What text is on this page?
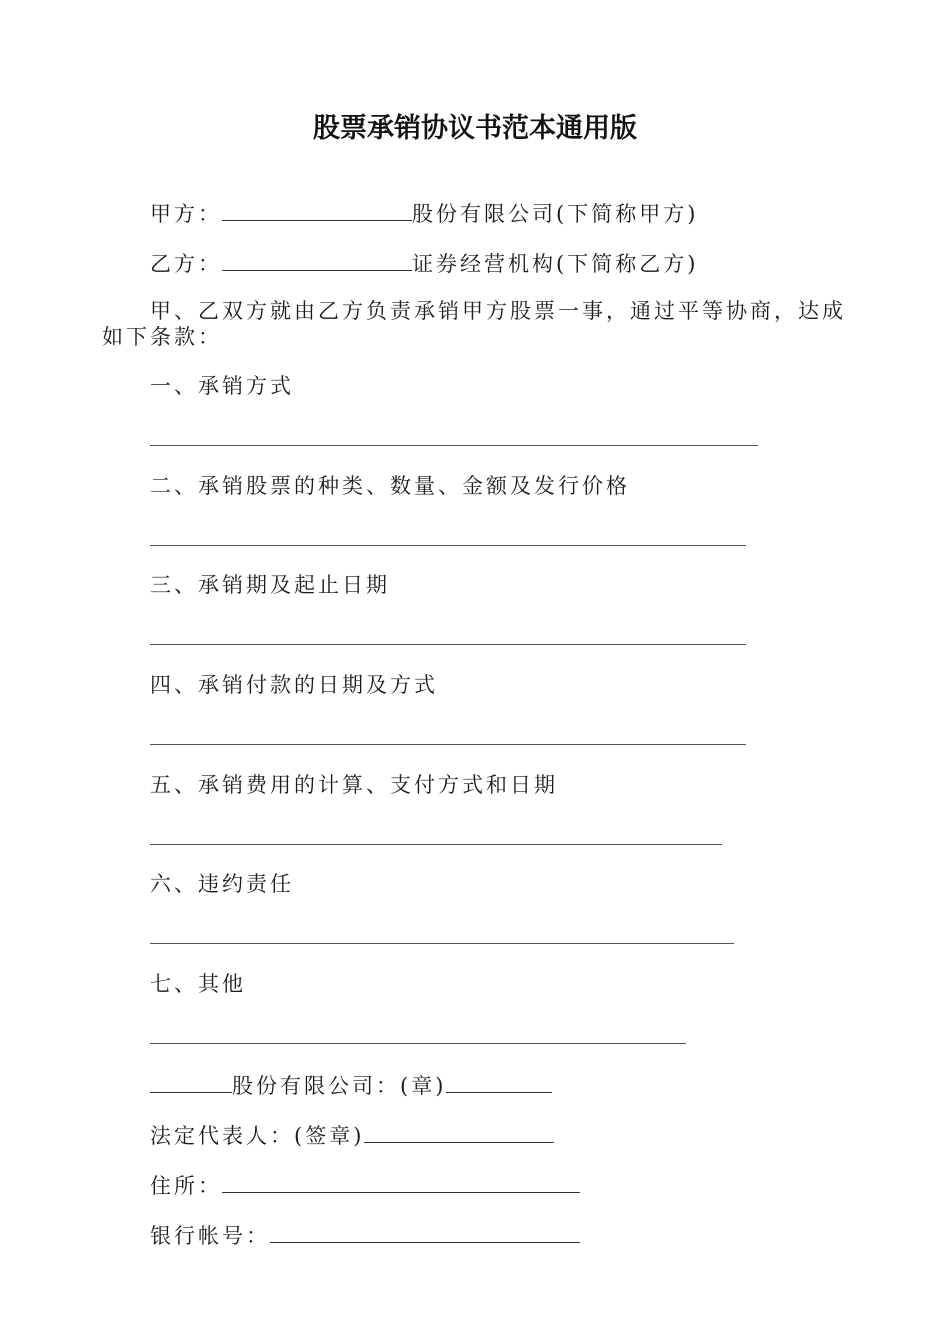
股票承销协议书范本通用版
甲方：	股份有限公司(下简称甲方)
乙方：	证券经营机构(下简称乙方)
甲、乙双方就由乙方负责承销甲方股票一事，通过平等协商，达成如下条款：
一、承销方式
二、承销股票的种类、数量、金额及发行价格
三、承销期及起止日期
四、承销付款的日期及方式
五、承销费用的计算、支付方式和日期
六、违约责任
七、其他
股份有限公司：(章)
法定代表人：(签章)
住所：
银行帐号：
